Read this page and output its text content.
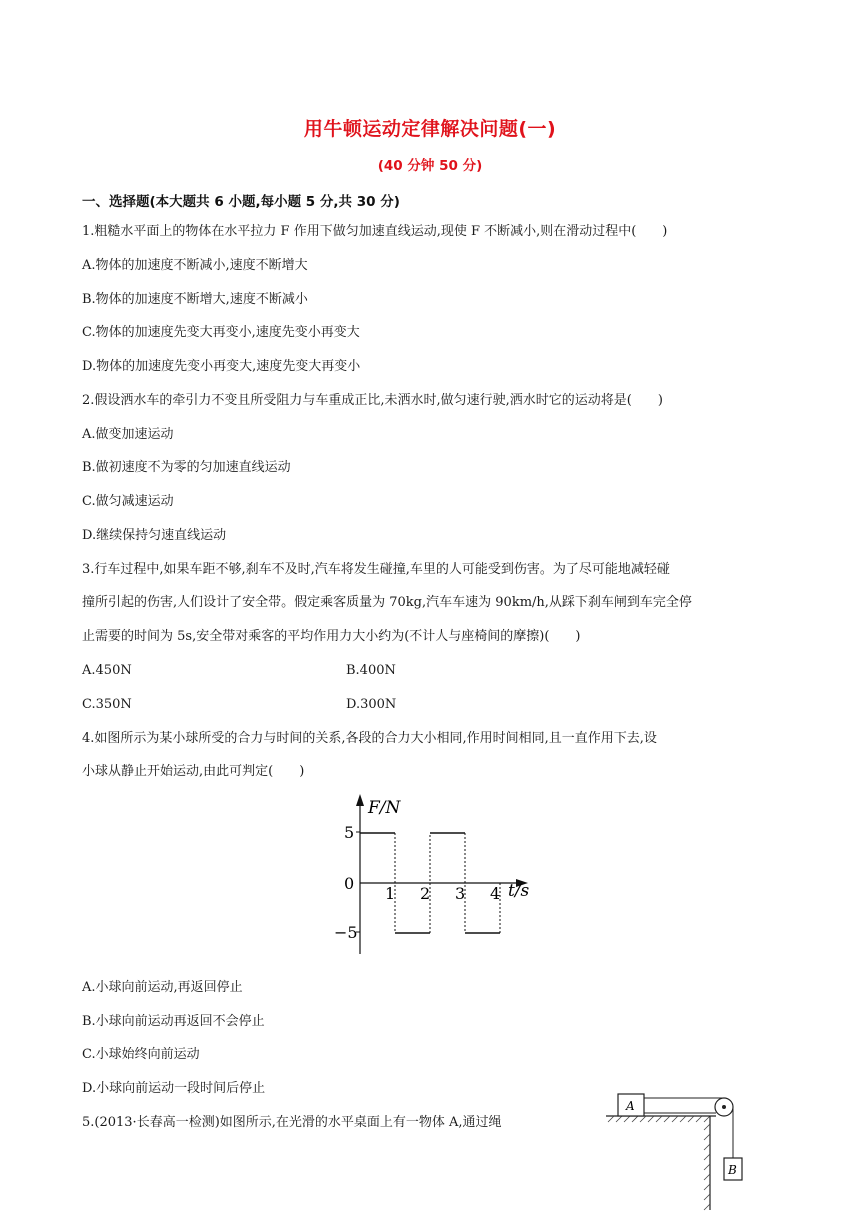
用牛顿运动定律解决问题(一)
(40 分钟 50 分)
一、选择题(本大题共 6 小题,每小题 5 分,共 30 分)
1.粗糙水平面上的物体在水平拉力 F 作用下做匀加速直线运动,现使 F 不断减小,则在滑动过程中(　　)
A.物体的加速度不断减小,速度不断增大
B.物体的加速度不断增大,速度不断减小
C.物体的加速度先变大再变小,速度先变小再变大
D.物体的加速度先变小再变大,速度先变大再变小
2.假设洒水车的牵引力不变且所受阻力与车重成正比,未洒水时,做匀速行驶,洒水时它的运动将是(　　)
A.做变加速运动
B.做初速度不为零的匀加速直线运动
C.做匀减速运动
D.继续保持匀速直线运动
3.行车过程中,如果车距不够,刹车不及时,汽车将发生碰撞,车里的人可能受到伤害。为了尽可能地减轻碰
撞所引起的伤害,人们设计了安全带。假定乘客质量为 70kg,汽车车速为 90km/h,从踩下刹车闸到车完全停
止需要的时间为 5s,安全带对乘客的平均作用力大小约为(不计人与座椅间的摩擦)(　　)
A.450N	B.400N
C.350N	D.300N
4.如图所示为某小球所受的合力与时间的关系,各段的合力大小相同,作用时间相同,且一直作用下去,设
小球从静止开始运动,由此可判定(　　)
F/N
t/s
0
5
−5
1 2 3 4
A.小球向前运动,再返回停止
B.小球向前运动再返回不会停止
C.小球始终向前运动
D.小球向前运动一段时间后停止
5.(2013·长春高一检测)如图所示,在光滑的水平桌面上有一物体 A,通过绳
A
B
